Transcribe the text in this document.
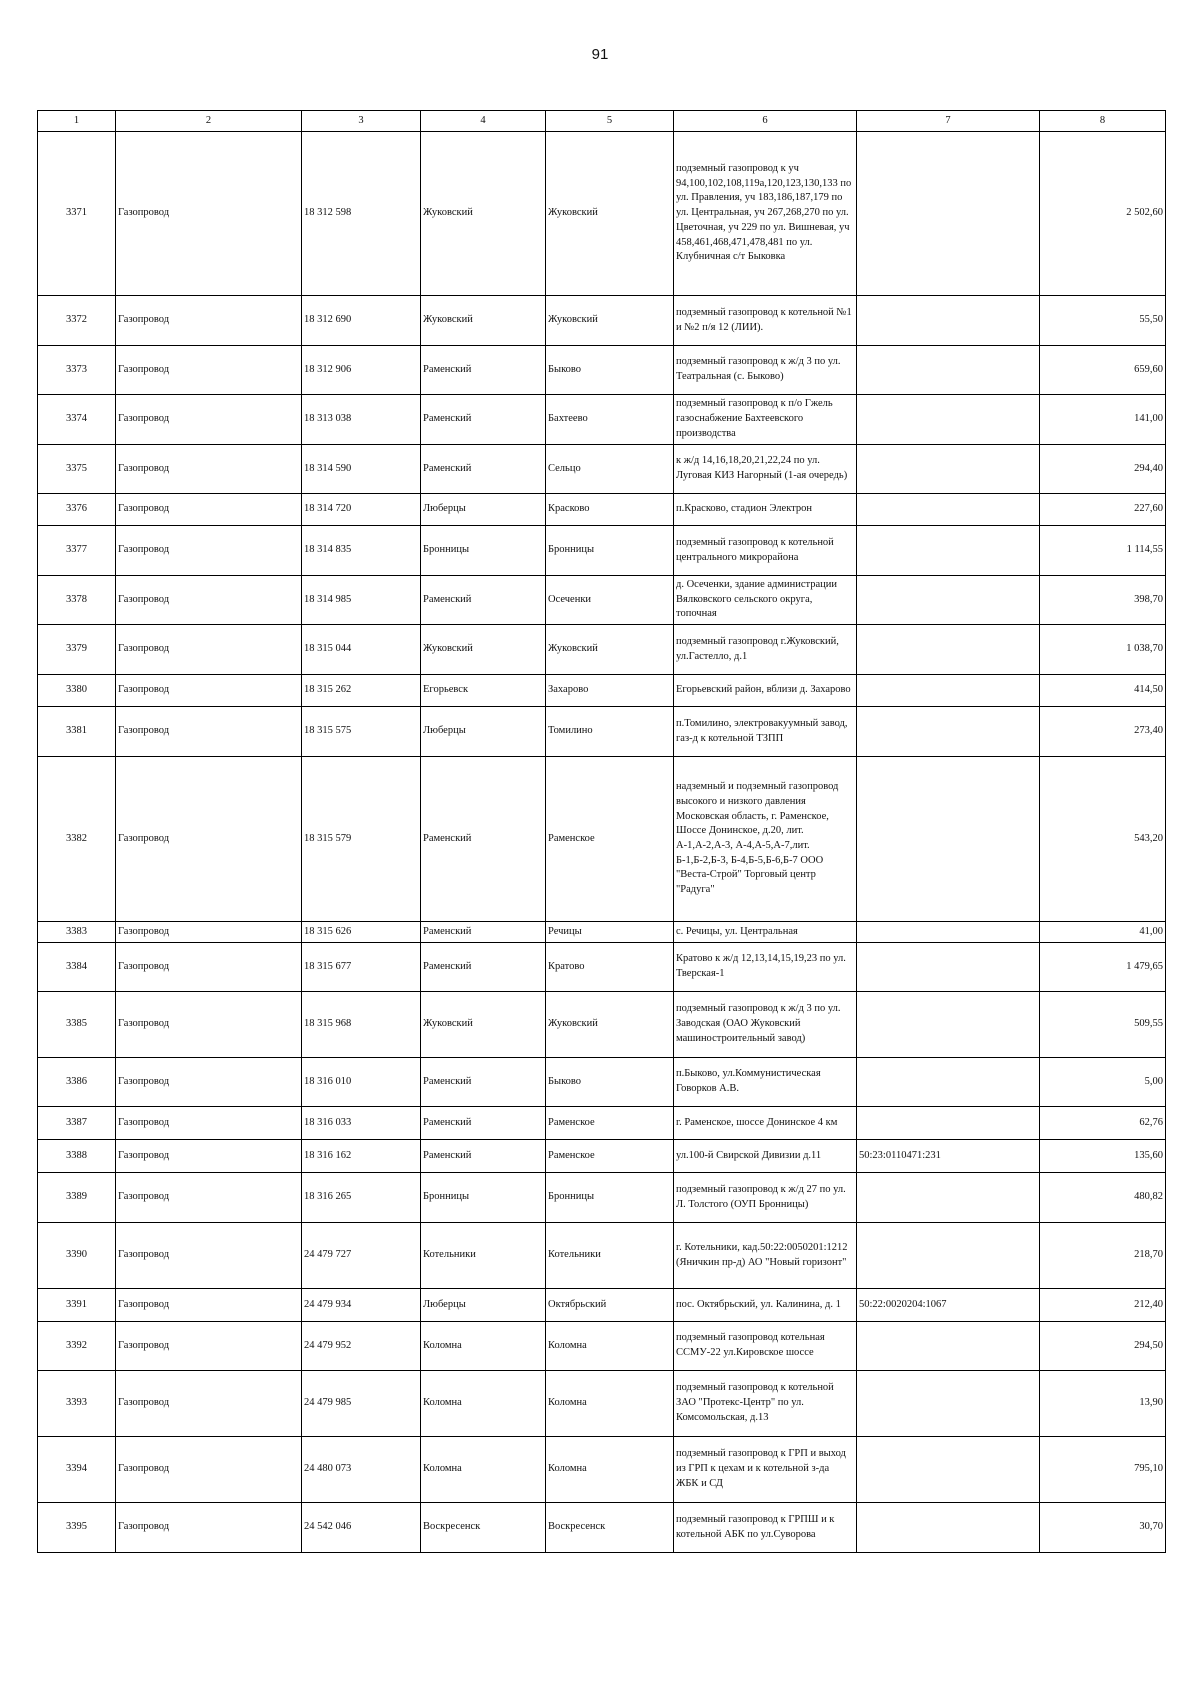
91
1	2	3	4	5	6	7	8
3371	Газопровод	18 312 598	Жуковский	Жуковский	подземный газопровод к уч 94,100,102,108,119а,120,123,130,133 по ул. Правления, уч 183,186,187,179 по ул. Центральная, уч 267,268,270 по ул. Цветочная, уч 229 по ул. Вишневая, уч 458,461,468,471,478,481 по ул. Клубничная с/т Быковка		2 502,60
3372	Газопровод	18 312 690	Жуковский	Жуковский	подземный газопровод к котельной №1 и №2 п/я 12 (ЛИИ).		55,50
3373	Газопровод	18 312 906	Раменский	Быково	подземный газопровод к ж/д 3 по ул. Театральная (с. Быково)		659,60
3374	Газопровод	18 313 038	Раменский	Бахтеево	подземный газопровод к п/о Гжель газоснабжение Бахтеевского производства		141,00
3375	Газопровод	18 314 590	Раменский	Сельцо	к ж/д 14,16,18,20,21,22,24 по ул. Луговая КИЗ Нагорный (1-ая очередь)		294,40
3376	Газопровод	18 314 720	Люберцы	Красково	п.Красково, стадион Электрон		227,60
3377	Газопровод	18 314 835	Бронницы	Бронницы	подземный газопровод к котельной центрального микрорайона		1 114,55
3378	Газопровод	18 314 985	Раменский	Осеченки	д. Осеченки, здание администрации Вялковского сельского округа, топочная		398,70
3379	Газопровод	18 315 044	Жуковский	Жуковский	подземный газопровод г.Жуковский, ул.Гастелло, д.1		1 038,70
3380	Газопровод	18 315 262	Егорьевск	Захарово	Егорьевский район, вблизи д. Захарово		414,50
3381	Газопровод	18 315 575	Люберцы	Томилино	п.Томилино, электровакуумный завод, газ-д к котельной ТЗПП		273,40
3382	Газопровод	18 315 579	Раменский	Раменское	надземный и подземный газопровод высокого и низкого давления Московская область, г. Раменское, Шоссе Донинское, д.20, лит. А-1,А-2,А-3, А-4,А-5,А-7,лит. Б-1,Б-2,Б-3, Б-4,Б-5,Б-6,Б-7 ООО "Веста-Строй" Торговый центр "Радуга"		543,20
3383	Газопровод	18 315 626	Раменский	Речицы	с. Речицы, ул. Центральная		41,00
3384	Газопровод	18 315 677	Раменский	Кратово	Кратово к ж/д 12,13,14,15,19,23 по ул. Тверская-1		1 479,65
3385	Газопровод	18 315 968	Жуковский	Жуковский	подземный газопровод к ж/д 3 по ул. Заводская (ОАО Жуковский машиностроительный завод)		509,55
3386	Газопровод	18 316 010	Раменский	Быково	п.Быково, ул.Коммунистическая Говорков А.В.		5,00
3387	Газопровод	18 316 033	Раменский	Раменское	г. Раменское, шоссе Донинское 4 км		62,76
3388	Газопровод	18 316 162	Раменский	Раменское	ул.100-й Свирской Дивизии д.11	50:23:0110471:231	135,60
3389	Газопровод	18 316 265	Бронницы	Бронницы	подземный газопровод к ж/д 27 по ул. Л. Толстого (ОУП Бронницы)		480,82
3390	Газопровод	24 479 727	Котельники	Котельники	г. Котельники, кад.50:22:0050201:1212 (Яничкин пр-д) АО "Новый горизонт"		218,70
3391	Газопровод	24 479 934	Люберцы	Октябрьский	пос. Октябрьский, ул. Калинина, д. 1	50:22:0020204:1067	212,40
3392	Газопровод	24 479 952	Коломна	Коломна	подземный газопровод котельная ССМУ-22 ул.Кировское шоссе		294,50
3393	Газопровод	24 479 985	Коломна	Коломна	подземный газопровод к котельной ЗАО "Протекс-Центр" по ул. Комсомольская, д.13		13,90
3394	Газопровод	24 480 073	Коломна	Коломна	подземный газопровод к ГРП и выход из ГРП к цехам и к котельной з-да ЖБК и СД		795,10
3395	Газопровод	24 542 046	Воскресенск	Воскресенск	подземный газопровод к ГРПШ и к котельной АБК по ул.Суворова		30,70
